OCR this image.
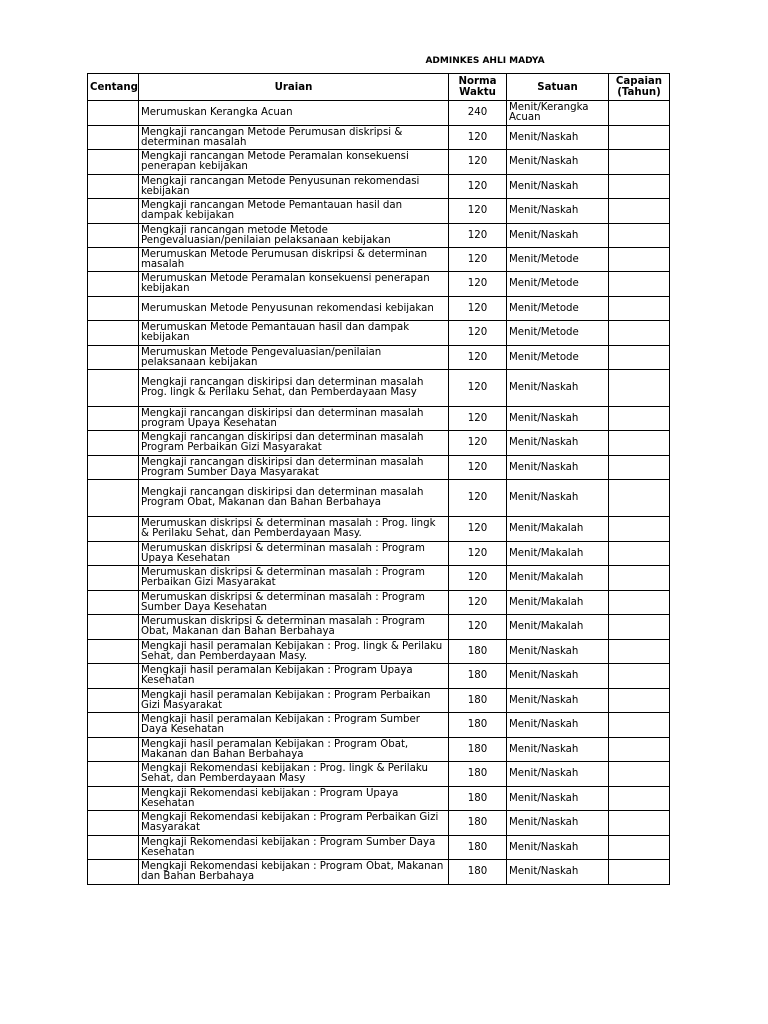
ADMINKES AHLI MADYA
Centang	Uraian	Norma Waktu	Satuan	Capaian (Tahun)
	Merumuskan Kerangka Acuan	240	Menit/Kerangka Acuan	
	Mengkaji rancangan Metode Perumusan diskripsi & determinan masalah	120	Menit/Naskah	
	Mengkaji rancangan Metode Peramalan konsekuensi penerapan kebijakan	120	Menit/Naskah	
	Mengkaji rancangan Metode Penyusunan rekomendasi kebijakan	120	Menit/Naskah	
	Mengkaji rancangan Metode Pemantauan hasil dan dampak kebijakan	120	Menit/Naskah	
	Mengkaji rancangan metode Metode Pengevaluasian/penilaian pelaksanaan kebijakan	120	Menit/Naskah	
	Merumuskan Metode Perumusan diskripsi & determinan masalah	120	Menit/Metode	
	Merumuskan Metode Peramalan konsekuensi penerapan kebijakan	120	Menit/Metode	
	Merumuskan Metode Penyusunan rekomendasi kebijakan	120	Menit/Metode	
	Merumuskan Metode Pemantauan hasil dan dampak kebijakan	120	Menit/Metode	
	Merumuskan Metode Pengevaluasian/penilaian pelaksanaan kebijakan	120	Menit/Metode	
	Mengkaji rancangan diskiripsi dan determinan masalah Prog. lingk & Perilaku Sehat, dan Pemberdayaan Masy	120	Menit/Naskah	
	Mengkaji rancangan diskiripsi dan determinan masalah program Upaya Kesehatan	120	Menit/Naskah	
	Mengkaji rancangan diskiripsi dan determinan masalah Program Perbaikan Gizi Masyarakat	120	Menit/Naskah	
	Mengkaji rancangan diskiripsi dan determinan masalah Program Sumber Daya Masyarakat	120	Menit/Naskah	
	Mengkaji rancangan diskiripsi dan determinan masalah Program Obat, Makanan dan Bahan Berbahaya	120	Menit/Naskah	
	Merumuskan diskripsi & determinan masalah : Prog. lingk & Perilaku Sehat, dan Pemberdayaan Masy.	120	Menit/Makalah	
	Merumuskan diskripsi & determinan masalah : Program Upaya Kesehatan	120	Menit/Makalah	
	Merumuskan diskripsi & determinan masalah : Program Perbaikan Gizi Masyarakat	120	Menit/Makalah	
	Merumuskan diskripsi & determinan masalah : Program Sumber Daya Kesehatan	120	Menit/Makalah	
	Merumuskan diskripsi & determinan masalah : Program Obat, Makanan dan Bahan Berbahaya	120	Menit/Makalah	
	Mengkaji hasil peramalan Kebijakan : Prog. lingk & Perilaku Sehat, dan Pemberdayaan Masy.	180	Menit/Naskah	
	Mengkaji hasil peramalan Kebijakan : Program Upaya Kesehatan	180	Menit/Naskah	
	Mengkaji hasil peramalan Kebijakan : Program Perbaikan Gizi Masyarakat	180	Menit/Naskah	
	Mengkaji hasil peramalan Kebijakan : Program Sumber Daya Kesehatan	180	Menit/Naskah	
	Mengkaji hasil peramalan Kebijakan : Program Obat, Makanan dan Bahan Berbahaya	180	Menit/Naskah	
	Mengkaji Rekomendasi kebijakan : Prog. lingk & Perilaku Sehat, dan Pemberdayaan Masy	180	Menit/Naskah	
	Mengkaji Rekomendasi kebijakan : Program Upaya Kesehatan	180	Menit/Naskah	
	Mengkaji Rekomendasi kebijakan : Program Perbaikan Gizi Masyarakat	180	Menit/Naskah	
	Mengkaji Rekomendasi kebijakan : Program Sumber Daya Kesehatan	180	Menit/Naskah	
	Mengkaji Rekomendasi kebijakan : Program Obat, Makanan dan Bahan Berbahaya	180	Menit/Naskah	
